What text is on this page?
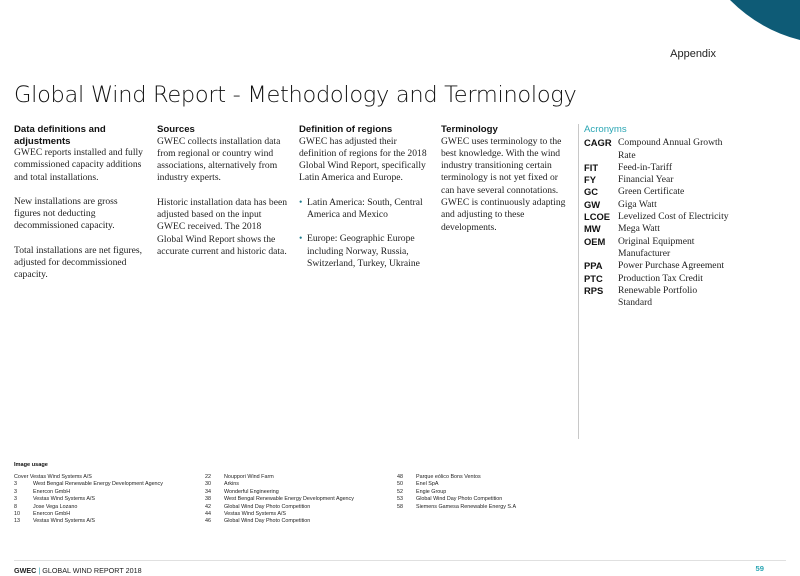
Appendix
Global Wind Report - Methodology and Terminology
Data definitions and adjustments

GWEC reports installed and fully commissioned capacity additions and total installations.

New installations are gross figures not deducting decommissioned capacity.

Total installations are net figures, adjusted for decommissioned capacity.

Sources

GWEC collects installation data from regional or country wind associations, alternatively from industry experts.

Historic installation data has been adjusted based on the input GWEC received. The 2018 Global Wind Report shows the accurate current and historic data.

Definition of regions

GWEC has adjusted their definition of regions for the 2018 Global Wind Report, specifically Latin America and Europe.

• Latin America: South, Central America and Mexico
• Europe: Geographic Europe including Norway, Russia, Switzerland, Turkey, Ukraine
Terminology

GWEC uses terminology to the best knowledge. With the wind industry transitioning certain terminology is not yet fixed or can have several connotations. GWEC is continuously adapting and adjusting to these developments.

Acronyms
CAGR Compound Annual Growth Rate
FIT	Feed-in-Tariff
FY	Financial Year
GC	Green Certificate
GW	Giga Watt
LCOE Levelized Cost of Electricity
MW	Mega Watt
OEM	Original Equipment Manufacturer
PPA	Power Purchase Agreement
PTC	Production Tax Credit
RPS	Renewable Portfolio Standard
Image usage
Cover Vestas Wind Systems A/S
3	West Bengal Renewable Energy Development Agency
3	Enercon GmbH
3	Vestas Wind Systems A/S
8	Jose Vega Lozano
10	Enercon GmbH
13	Vestas Wind Systems A/S
22	Nouppori Wind Farm
30	Arkins
34	Wonderful Engineering
38	West Bengal Renewable Energy Development Agency
42	Global Wind Day Photo Competition
44	Vestas Wind Systems A/S
46	Global Wind Day Photo Competition
48	Parque eólico Bons Ventos
50	Enel SpA
52	Engie Group
53	Global Wind Day Photo Competition
58	Siemens Gamesa Renewable Energy S.A
GWEC | GLOBAL WIND REPORT 2018	59
